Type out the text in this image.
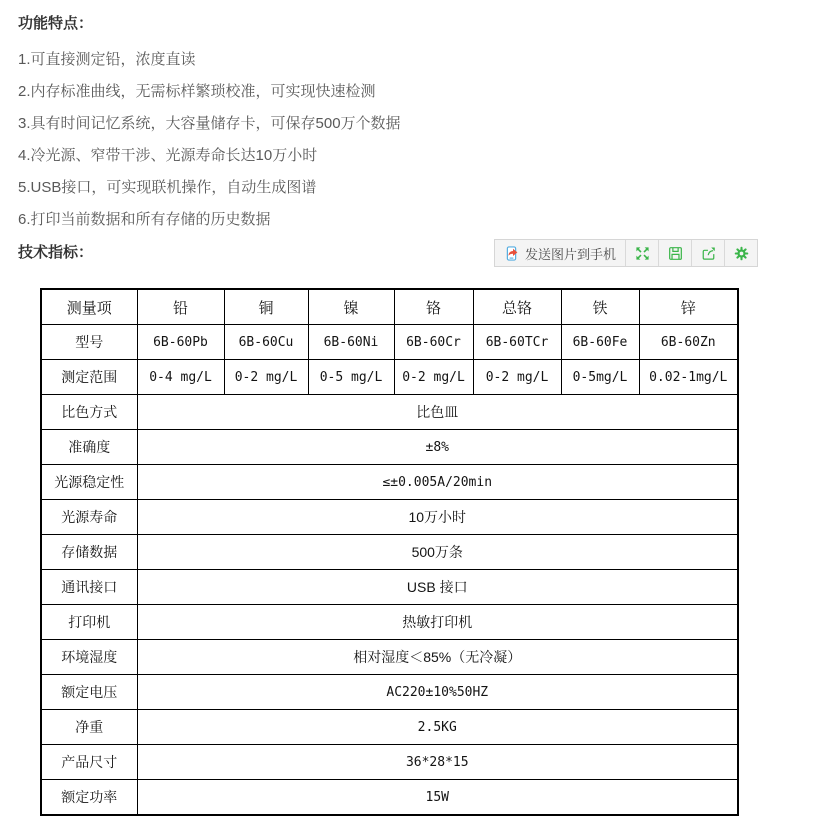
功能特点：
1.可直接测定铅，浓度直读
2.内存标准曲线，无需标样繁琐校准，可实现快速检测
3.具有时间记忆系统，大容量储存卡，可保存500万个数据
4.冷光源、窄带干涉、光源寿命长达10万小时
5.USB接口，可实现联机操作，自动生成图谱
6.打印当前数据和所有存储的历史数据
技术指标：	发送图片到手机
测量项	铅	铜	镍	铬	总铬	铁	锌
型号	6B-60Pb	6B-60Cu	6B-60Ni	6B-60Cr	6B-60TCr	6B-60Fe	6B-60Zn
测定范围	0-4 mg/L	0-2 mg/L	0-5 mg/L	0-2 mg/L	0-2 mg/L	0-5mg/L	0.02-1mg/L
比色方式	比色皿						
准确度	±8%						
光源稳定性	≤±0.005A/20min						
光源寿命	10万小时						
存储数据	500万条						
通讯接口	USB 接口						
打印机	热敏打印机						
环境湿度	相对湿度＜85%（无冷凝）						
额定电压	AC220±10%50HZ						
净重	2.5KG						
产品尺寸	36*28*15						
额定功率	15W						
